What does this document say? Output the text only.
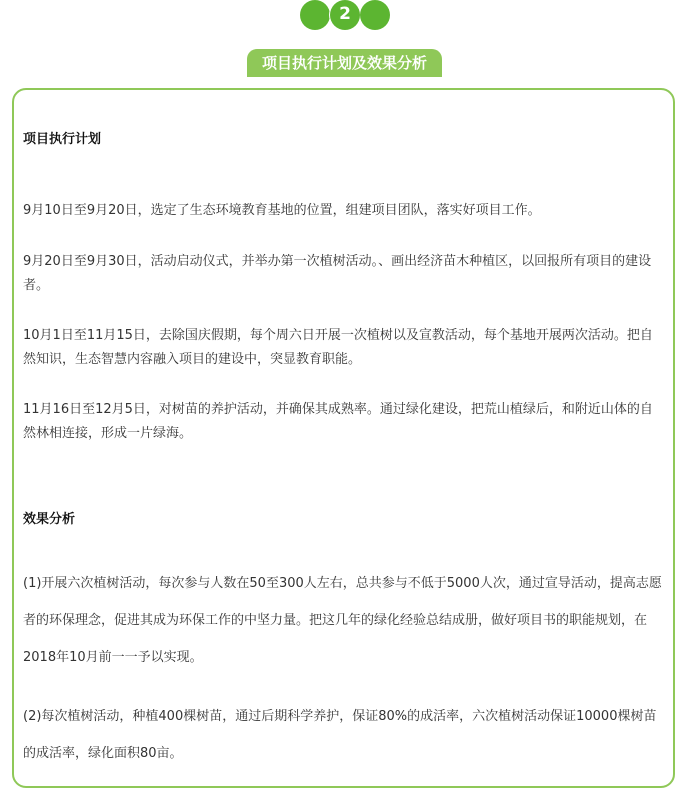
2
项目执行计划及效果分析
项目执行计划
9月10日至9月20日，选定了生态环境教育基地的位置，组建项目团队，落实好项目工作。
9月20日至9月30日，活动启动仪式，并举办第一次植树活动。、画出经济苗木种植区，以回报所有项目的建设者。
10月1日至11月15日，去除国庆假期，每个周六日开展一次植树以及宣教活动，每个基地开展两次活动。把自然知识，生态智慧内容融入项目的建设中，突显教育职能。
11月16日至12月5日，对树苗的养护活动，并确保其成熟率。通过绿化建设，把荒山植绿后，和附近山体的自然林相连接，形成一片绿海。
效果分析
(1)开展六次植树活动，每次参与人数在50至300人左右，总共参与不低于5000人次，通过宣导活动，提高志愿者的环保理念，促进其成为环保工作的中坚力量。把这几年的绿化经验总结成册，做好项目书的职能规划，在2018年10月前一一予以实现。
(2)每次植树活动，种植400棵树苗，通过后期科学养护，保证80%的成活率，六次植树活动保证10000棵树苗的成活率，绿化面积80亩。
